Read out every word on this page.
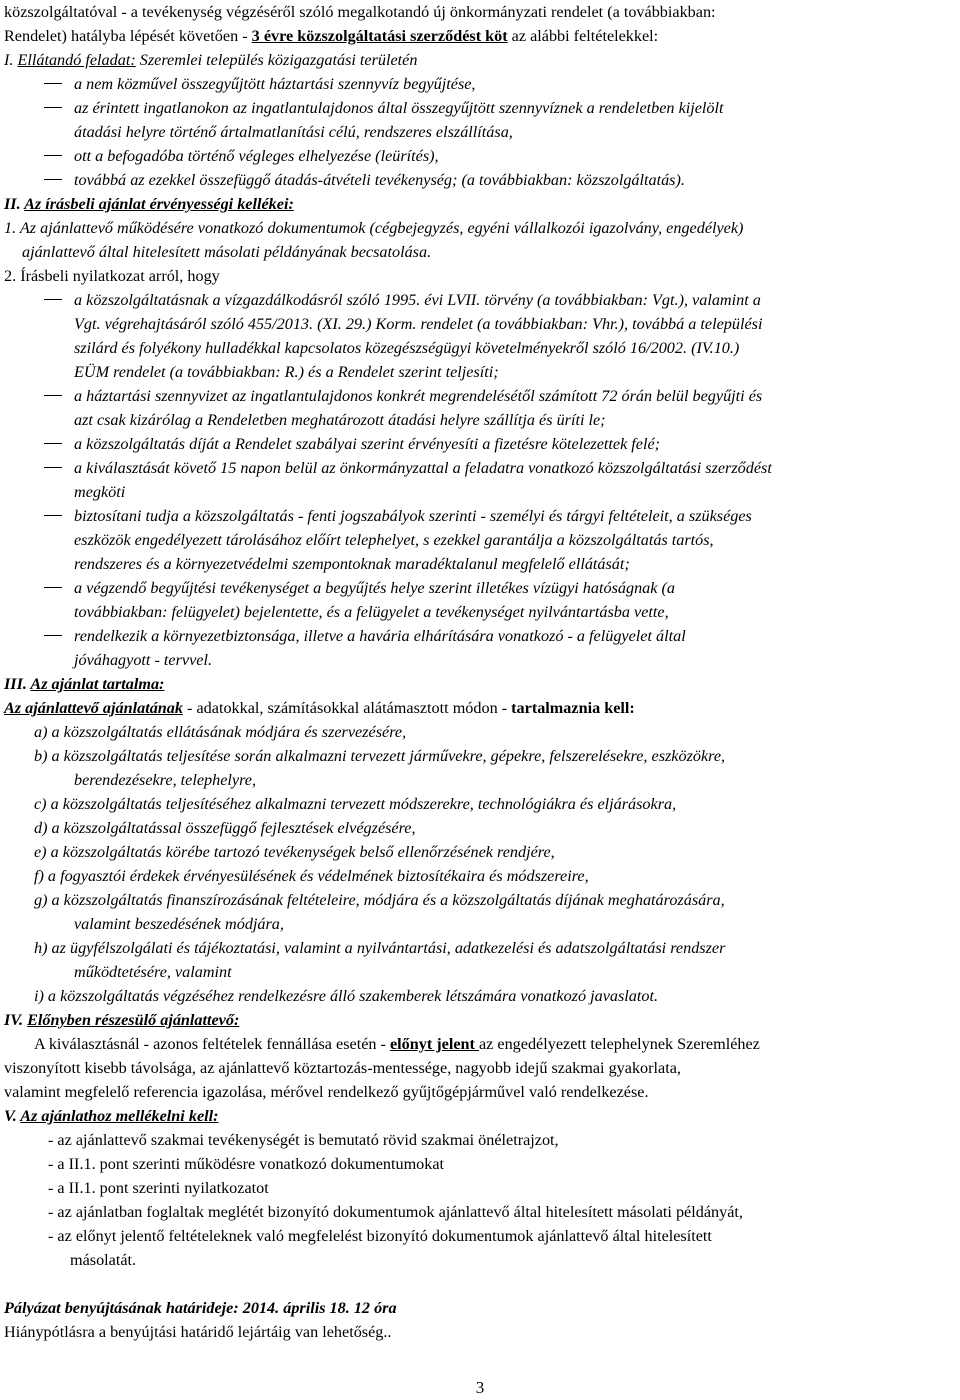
közszolgáltatóval - a tevékenység végzéséről szóló megalkotandó új önkormányzati rendelet (a továbbiakban:

Rendelet) hatályba lépését követően - 3 évre közszolgáltatási szerződést köt az alábbi feltételekkel:

I. Ellátandó feladat: Szeremlei település közigazgatási területén

a nem közművel összegyűjtött háztartási szennyvíz begyűjtése,

az érintett ingatlanokon az ingatlantulajdonos által összegyűjtött szennyvíznek a rendeletben kijelölt

átadási helyre történő ártalmatlanítási célú, rendszeres elszállítása,

ott a befogadóba történő végleges elhelyezése (leürítés),

továbbá az ezekkel összefüggő átadás-átvételi tevékenység; (a továbbiakban: közszolgáltatás).

II. Az írásbeli ajánlat érvényességi kellékei:

1. Az ajánlattevő működésére vonatkozó dokumentumok (cégbejegyzés, egyéni vállalkozói igazolvány, engedélyek)

ajánlattevő által hitelesített másolati példányának becsatolása.

2. Írásbeli nyilatkozat arról, hogy

a közszolgáltatásnak a vízgazdálkodásról szóló 1995. évi LVII. törvény (a továbbiakban: Vgt.), valamint a

Vgt. végrehajtásáról szóló 455/2013. (XI. 29.) Korm. rendelet (a továbbiakban: Vhr.), továbbá a települési

szilárd és folyékony hulladékkal kapcsolatos közegészségügyi követelményekről szóló 16/2002. (IV.10.)

EÜM rendelet (a továbbiakban: R.) és a Rendelet szerint teljesíti;

a háztartási szennyvizet az ingatlantulajdonos konkrét megrendelésétől számított 72 órán belül begyűjti és

azt csak kizárólag a Rendeletben meghatározott átadási helyre szállítja és üríti le;

a közszolgáltatás díját a Rendelet szabályai szerint érvényesíti a fizetésre kötelezettek felé;

a kiválasztását követő 15 napon belül az önkormányzattal a feladatra vonatkozó közszolgáltatási szerződést

megköti

biztosítani tudja a közszolgáltatás - fenti jogszabályok szerinti - személyi és tárgyi feltételeit, a szükséges

eszközök engedélyezett tárolásához előírt telephelyet, s ezekkel garantálja a közszolgáltatás tartós,

rendszeres és a környezetvédelmi szempontoknak maradéktalanul megfelelő ellátását;

a végzendő begyűjtési tevékenységet a begyűjtés helye szerint illetékes vízügyi hatóságnak (a

továbbiakban: felügyelet) bejelentette, és a felügyelet a tevékenységet nyilvántartásba vette,

rendelkezik a környezetbiztonsága, illetve a havária elhárítására vonatkozó - a felügyelet által

jóváhagyott - tervvel.

III. Az ajánlat tartalma:

Az ajánlattevő ajánlatának - adatokkal, számításokkal alátámasztott módon - tartalmaznia kell:

a) a közszolgáltatás ellátásának módjára és szervezésére,

b) a közszolgáltatás teljesítése során alkalmazni tervezett járművekre, gépekre, felszerelésekre, eszközökre,

berendezésekre, telephelyre,

c) a közszolgáltatás teljesítéséhez alkalmazni tervezett módszerekre, technológiákra és eljárásokra,

d) a közszolgáltatással összefüggő fejlesztések elvégzésére,

e) a közszolgáltatás körébe tartozó tevékenységek belső ellenőrzésének rendjére,

f) a fogyasztói érdekek érvényesülésének és védelmének biztosítékaira és módszereire,

g) a közszolgáltatás finanszírozásának feltételeire, módjára és a közszolgáltatás díjának meghatározására,

valamint beszedésének módjára,

h) az ügyfélszolgálati és tájékoztatási, valamint a nyilvántartási, adatkezelési és adatszolgáltatási rendszer

működtetésére, valamint

i) a közszolgáltatás végzéséhez rendelkezésre álló szakemberek létszámára vonatkozó javaslatot.

IV. Előnyben részesülő ajánlattevő:

A kiválasztásnál - azonos feltételek fennállása esetén - előnyt jelent az engedélyezett telephelynek Szeremléhez

viszonyított kisebb távolsága, az ajánlattevő köztartozás-mentessége, nagyobb idejű szakmai gyakorlata,

valamint megfelelő referencia igazolása, mérővel rendelkező gyűjtőgépjárművel való rendelkezése.

V. Az ajánlathoz mellékelni kell:

- az ajánlattevő szakmai tevékenységét is bemutató rövid szakmai önéletrajzot,

- a II.1. pont szerinti működésre vonatkozó dokumentumokat

- a II.1. pont szerinti nyilatkozatot

- az ajánlatban foglaltak meglétét bizonyító dokumentumok ajánlattevő által hitelesített másolati példányát,

- az előnyt jelentő feltételeknek való megfelelést bizonyító dokumentumok ajánlattevő által hitelesített

másolatát.

Pályázat benyújtásának határideje: 2014. április 18. 12 óra

Hiánypótlásra a benyújtási határidő lejártáig van lehetőség..

3
